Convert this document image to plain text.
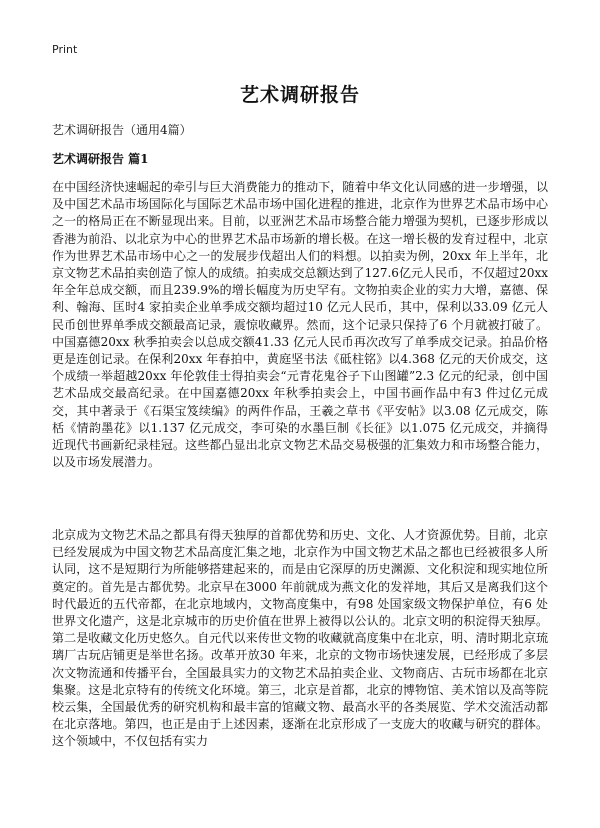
Print
艺术调研报告
艺术调研报告（通用4篇）
艺术调研报告 篇1
在中国经济快速崛起的牵引与巨大消费能力的推动下，随着中华文化认同感的进一步增强，以及中国艺术品市场国际化与国际艺术品市场中国化进程的推进，北京作为世界艺术品市场中心之一的格局正在不断显现出来。目前，以亚洲艺术品市场整合能力增强为契机，已逐步形成以香港为前沿、以北京为中心的世界艺术品市场新的增长极。在这一增长极的发育过程中，北京作为世界艺术品市场中心之一的发展步伐超出人们的料想。以拍卖为例，20xx 年上半年，北京文物艺术品拍卖创造了惊人的成绩。拍卖成交总额达到了127.6亿元人民币，不仅超过20xx 年全年总成交额，而且239.9%的增长幅度为历史罕有。文物拍卖企业的实力大增，嘉德、保利、翰海、匡时4 家拍卖企业单季成交额均超过10 亿元人民币，其中，保利以33.09 亿元人民币创世界单季成交额最高记录，震惊收藏界。然而，这个记录只保持了6 个月就被打破了。中国嘉德20xx 秋季拍卖会以总成交额41.33 亿元人民币再次改写了单季成交记录。拍品价格更是连创记录。在保利20xx 年春拍中，黄庭坚书法《砥柱铭》以4.368 亿元的天价成交，这个成绩一举超越20xx 年伦敦佳士得拍卖会“元青花鬼谷子下山图罐”2.3 亿元的纪录，创中国艺术品成交最高纪录。在中国嘉德20xx 年秋季拍卖会上，中国书画作品中有3 件过亿元成交，其中著录于《石渠宝笈续编》的两件作品，王羲之草书《平安帖》以3.08 亿元成交，陈栝《情韵墨花》以1.137 亿元成交，李可染的水墨巨制《长征》以1.075 亿元成交，并摘得近现代书画新纪录桂冠。这些都凸显出北京文物艺术品交易极强的汇集效力和市场整合能力，以及市场发展潜力。
北京成为文物艺术品之都具有得天独厚的首都优势和历史、文化、人才资源优势。目前，北京已经发展成为中国文物艺术品高度汇集之地，北京作为中国文物艺术品之都也已经被很多人所认同，这不是短期行为所能够搭建起来的，而是由它深厚的历史渊源、文化积淀和现实地位所奠定的。首先是古都优势。北京早在3000 年前就成为燕文化的发祥地，其后又是离我们这个时代最近的五代帝都，在北京地域内，文物高度集中，有98 处国家级文物保护单位，有6 处世界文化遗产，这是北京城市的历史价值在世界上被得以公认的。北京文明的积淀得天独厚。第二是收藏文化历史悠久。自元代以来传世文物的收藏就高度集中在北京，明、清时期北京琉璃厂古玩店铺更是举世名扬。改革开放30 年来，北京的文物市场快速发展，已经形成了多层次文物流通和传播平台，全国最具实力的文物艺术品拍卖企业、文物商店、古玩市场都在北京集聚。这是北京特有的传统文化环境。第三，北京是首都，北京的博物馆、美术馆以及高等院校云集，全国最优秀的研究机构和最丰富的馆藏文物、最高水平的各类展览、学术交流活动都在北京落地。第四，也正是由于上述因素，逐渐在北京形成了一支庞大的收藏与研究的群体。这个领域中，不仅包括有实力
